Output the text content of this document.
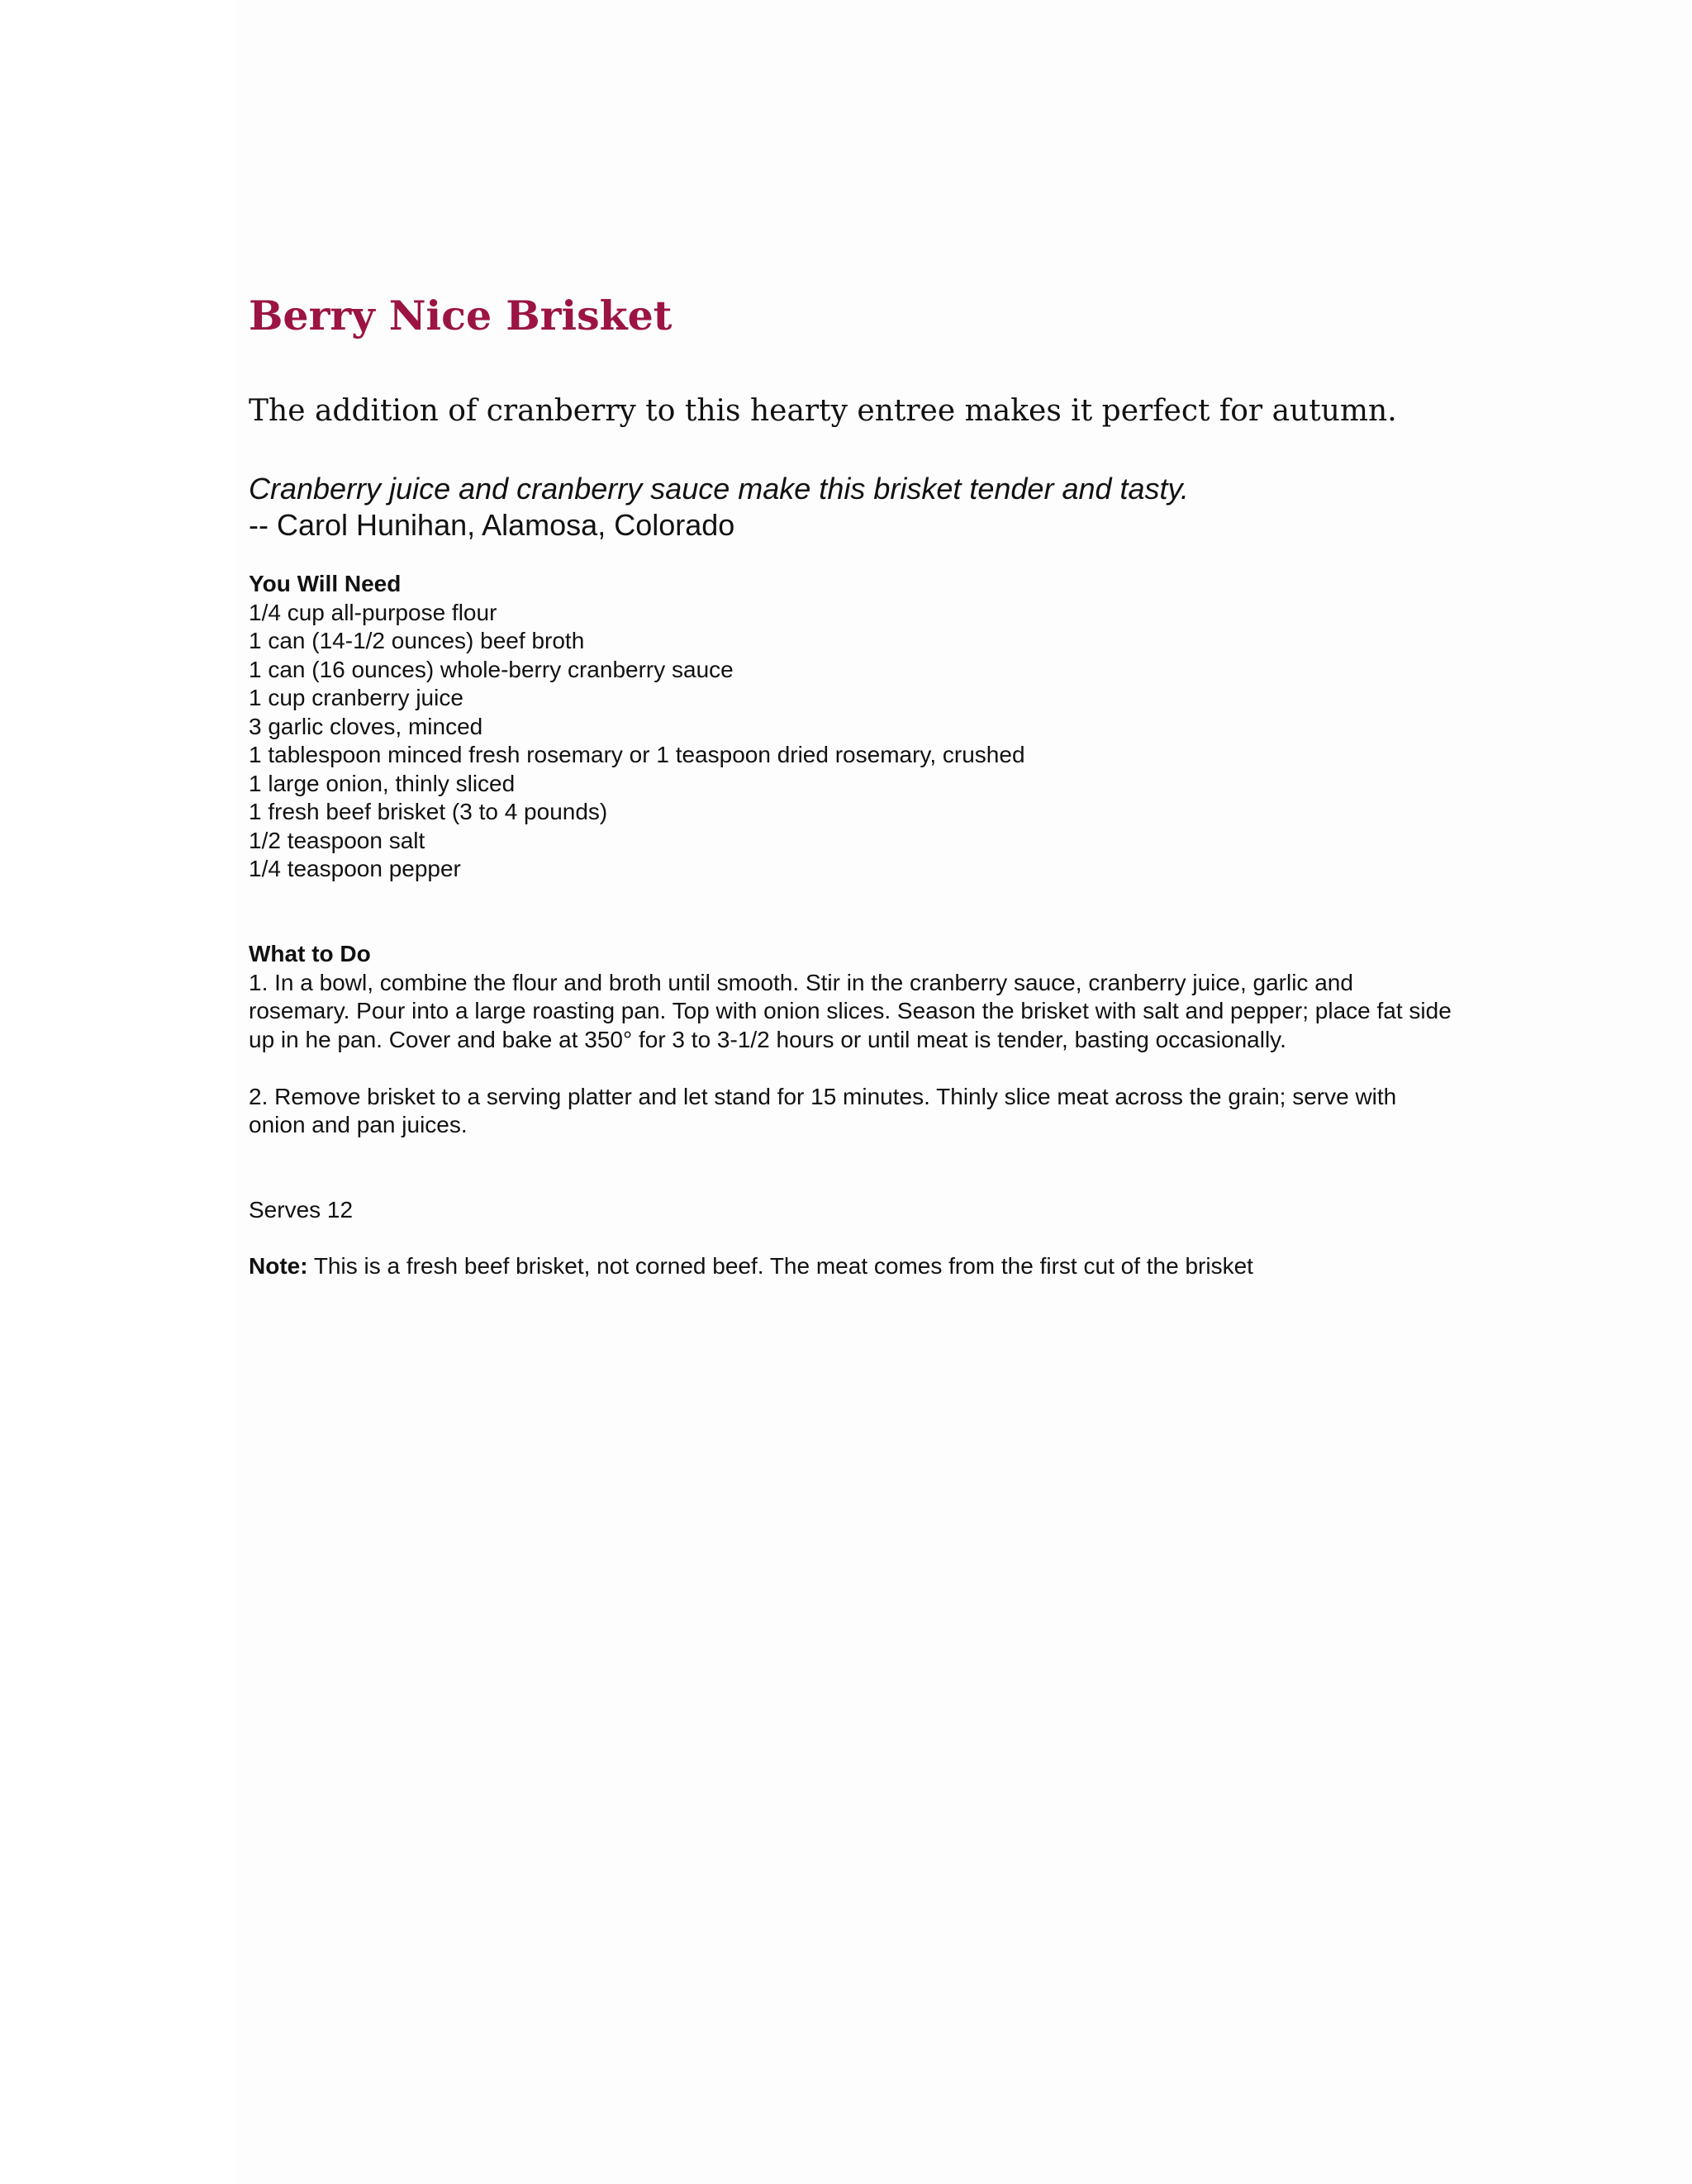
Berry Nice Brisket

The addition of cranberry to this hearty entree makes it perfect for autumn.

Cranberry juice and cranberry sauce make this brisket tender and tasty.
-- Carol Hunihan, Alamosa, Colorado
You Will Need
1/4 cup all-purpose flour
1 can (14-1/2 ounces) beef broth
1 can (16 ounces) whole-berry cranberry sauce
1 cup cranberry juice
3 garlic cloves, minced
1 tablespoon minced fresh rosemary or 1 teaspoon dried rosemary, crushed
1 large onion, thinly sliced
1 fresh beef brisket (3 to 4 pounds)
1/2 teaspoon salt
1/4 teaspoon pepper
What to Do

1. In a bowl, combine the flour and broth until smooth. Stir in the cranberry sauce, cranberry juice, garlic and rosemary. Pour into a large roasting pan. Top with onion slices. Season the brisket with salt and pepper; place fat side up in he pan. Cover and bake at 350° for 3 to 3-1/2 hours or until meat is tender, basting occasionally.

2. Remove brisket to a serving platter and let stand for 15 minutes. Thinly slice meat across the grain; serve with onion and pan juices.

Serves 12
Note: This is a fresh beef brisket, not corned beef. The meat comes from the first cut of the brisket
